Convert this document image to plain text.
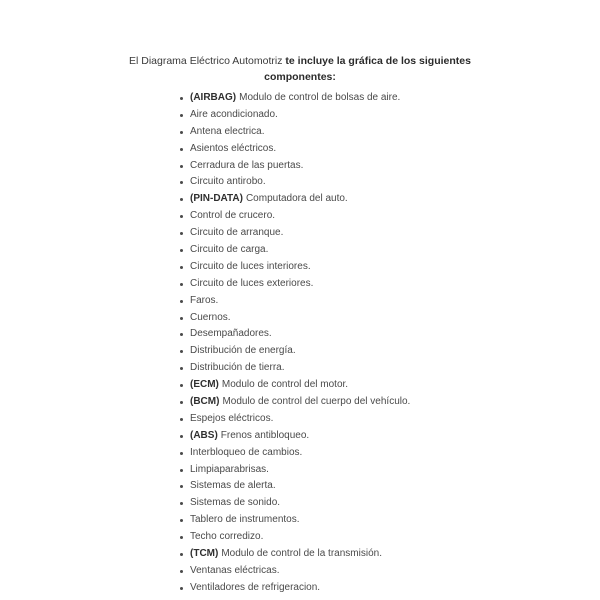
El Diagrama Eléctrico Automotriz te incluye la gráfica de los siguientes componentes:

(AIRBAG) Modulo de control de bolsas de aire.
Aire acondicionado.
Antena electrica.
Asientos eléctricos.
Cerradura de las puertas.
Circuito antirobo.
(PIN-DATA) Computadora del auto.
Control de crucero.
Circuito de arranque.
Circuito de carga.
Circuito de luces interiores.
Circuito de luces exteriores.
Faros.
Cuernos.
Desempañadores.
Distribución de energía.
Distribución de tierra.
(ECM) Modulo de control del motor.
(BCM) Modulo de control del cuerpo del vehículo.
Espejos eléctricos.
(ABS) Frenos antibloqueo.
Interbloqueo de cambios.
Limpiaparabrisas.
Sistemas de alerta.
Sistemas de sonido.
Tablero de instrumentos.
Techo corredizo.
(TCM) Modulo de control de la transmisión.
Ventanas eléctricas.
Ventiladores de refrigeracion.
